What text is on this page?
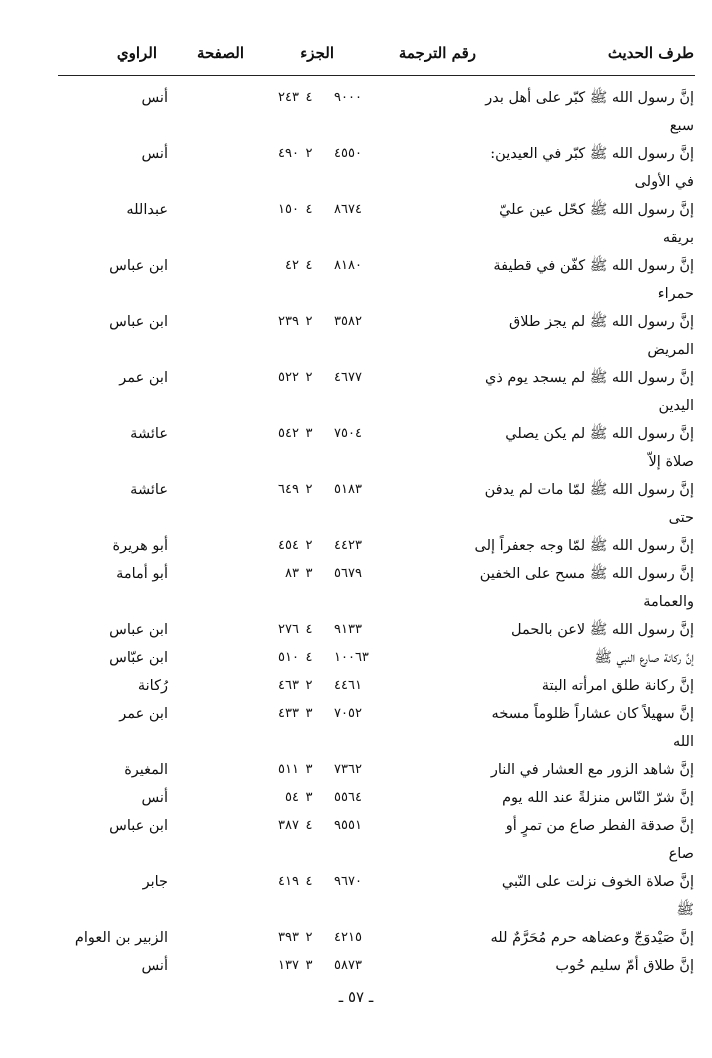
طرف الحديث
رقم الترجمة
الجزء
الصفحة
الراوي
إنَّ رسول الله ﷺ كبّر على أهل بدر
سبع
٩٠٠٠
٤
٢٤٣
أنس
إنَّ رسول الله ﷺ كبّر في العيدين:
في الأولى
٤٥٥٠
٢
٤٩٠
أنس
إنَّ رسول الله ﷺ كحّل عين عليّ
بريقه
٨٦٧٤
٤
١٥٠
عبدالله
إنَّ رسول الله ﷺ كفّن في قطيفة
حمراء
٨١٨٠
٤
٤٢
ابن عباس
إنَّ رسول الله ﷺ لم يجز طلاق
المريض
٣٥٨٢
٢
٢٣٩
ابن عباس
إنَّ رسول الله ﷺ لم يسجد يوم ذي
اليدين
٤٦٧٧
٢
٥٢٢
ابن عمر
إنَّ رسول الله ﷺ لم يكن يصلي
صلاة إلاّ
٧٥٠٤
٣
٥٤٢
عائشة
إنَّ رسول الله ﷺ لمّا مات لم يدفن
حتى
٥١٨٣
٢
٦٤٩
عائشة
إنَّ رسول الله ﷺ لمّا وجه جعفراً إلى
٤٤٢٣
٢
٤٥٤
أبو هريرة
إنَّ رسول الله ﷺ مسح على الخفين
والعمامة
٥٦٧٩
٣
٨٣
أبو أمامة
إنَّ رسول الله ﷺ لاعن بالحمل
٩١٣٣
٤
٢٧٦
ابن عباس
إنَّ ركانة صارع النبي ﷺ
١٠٠٦٣
٤
٥١٠
ابن عبّاس
إنَّ ركانة طلق امرأته البتة
٤٤٦١
٢
٤٦٣
رُكانة
إنَّ سهيلاً كان عشاراً ظلوماً مسخه
الله
٧٠٥٢
٣
٤٣٣
ابن عمر
إنَّ شاهد الزور مع العشار في النار
٧٣٦٢
٣
٥١١
المغيرة
إنَّ شرّ النّاس منزلةً عند الله يوم
٥٥٦٤
٣
٥٤
أنس
إنَّ صدقة الفطر صاع من تمرٍ أو
صاع
٩٥٥١
٤
٣٨٧
ابن عباس
إنَّ صلاة الخوف نزلت على النّبي
ﷺ
٩٦٧٠
٤
٤١٩
جابر
إنَّ صَيْدوَجّ وعضاهه حرم مُحَرَّمٌ لله
٤٢١٥
٢
٣٩٣
الزبير بن العوام
إنَّ طلاق أمّ سليم حُوب
٥٨٧٣
٣
١٣٧
أنس
ـ ٥٧ ـ
